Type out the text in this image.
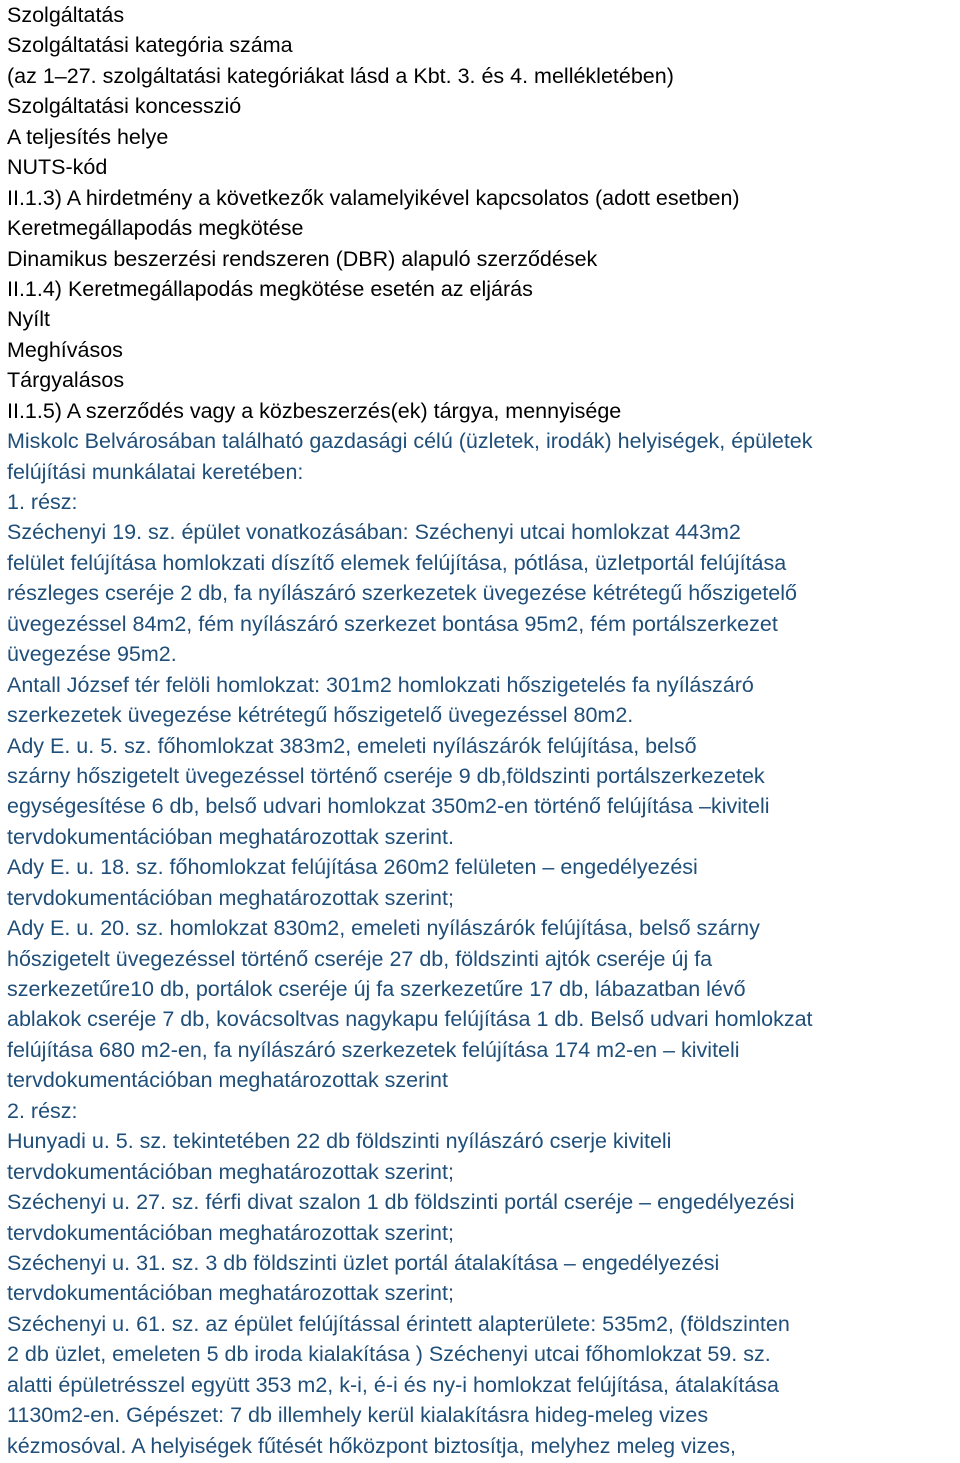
Szolgáltatás
Szolgáltatási kategória száma
(az 1–27. szolgáltatási kategóriákat lásd a Kbt. 3. és 4. mellékletében)
Szolgáltatási koncesszió
A teljesítés helye
NUTS-kód
II.1.3) A hirdetmény a következők valamelyikével kapcsolatos (adott esetben)
Keretmegállapodás megkötése
Dinamikus beszerzési rendszeren (DBR) alapuló szerződések
II.1.4) Keretmegállapodás megkötése esetén az eljárás
Nyílt
Meghívásos
Tárgyalásos
II.1.5) A szerződés vagy a közbeszerzés(ek) tárgya, mennyisége
Miskolc Belvárosában található gazdasági célú (üzletek, irodák) helyiségek, épületek
felújítási munkálatai keretében:
1. rész:
Széchenyi 19. sz. épület vonatkozásában: Széchenyi utcai homlokzat 443m2
felület felújítása homlokzati díszítő elemek felújítása, pótlása, üzletportál felújítása
részleges cseréje 2 db, fa nyílászáró szerkezetek üvegezése kétrétegű hőszigetelő
üvegezéssel 84m2, fém nyílászáró szerkezet bontása 95m2, fém portálszerkezet
üvegezése 95m2.
Antall József tér felöli homlokzat: 301m2 homlokzati hőszigetelés fa nyílászáró
szerkezetek üvegezése kétrétegű hőszigetelő üvegezéssel 80m2.
Ady E. u. 5. sz. főhomlokzat 383m2, emeleti nyílászárók felújítása, belső
szárny hőszigetelt üvegezéssel történő cseréje 9 db,földszinti portálszerkezetek
egységesítése 6 db, belső udvari homlokzat 350m2-en történő felújítása –kiviteli
tervdokumentációban meghatározottak szerint.
Ady E. u. 18. sz. főhomlokzat felújítása 260m2 felületen – engedélyezési
tervdokumentációban meghatározottak szerint;
Ady E. u. 20. sz. homlokzat 830m2, emeleti nyílászárók felújítása, belső szárny
hőszigetelt üvegezéssel történő cseréje 27 db, földszinti ajtók cseréje új fa
szerkezetűre10 db, portálok cseréje új fa szerkezetűre 17 db, lábazatban lévő
ablakok cseréje 7 db, kovácsoltvas nagykapu felújítása 1 db. Belső udvari homlokzat
felújítása 680 m2-en, fa nyílászáró szerkezetek felújítása 174 m2-en – kiviteli
tervdokumentációban meghatározottak szerint
2. rész:
Hunyadi u. 5. sz. tekintetében 22 db földszinti nyílászáró cserje kiviteli
tervdokumentációban meghatározottak szerint;
Széchenyi u. 27. sz. férfi divat szalon 1 db földszinti portál cseréje – engedélyezési
tervdokumentációban meghatározottak szerint;
Széchenyi u. 31. sz. 3 db földszinti üzlet portál átalakítása – engedélyezési
tervdokumentációban meghatározottak szerint;
Széchenyi u. 61. sz. az épület felújítással érintett alapterülete: 535m2, (földszinten
2 db üzlet, emeleten 5 db iroda kialakítása ) Széchenyi utcai főhomlokzat 59. sz.
alatti épületrésszel együtt 353 m2, k-i, é-i és ny-i homlokzat felújítása, átalakítása
1130m2-en. Gépészet: 7 db illemhely kerül kialakításra hideg-meleg vizes
kézmosóval. A helyiségek fűtését hőközpont biztosítja, melyhez meleg vizes,
